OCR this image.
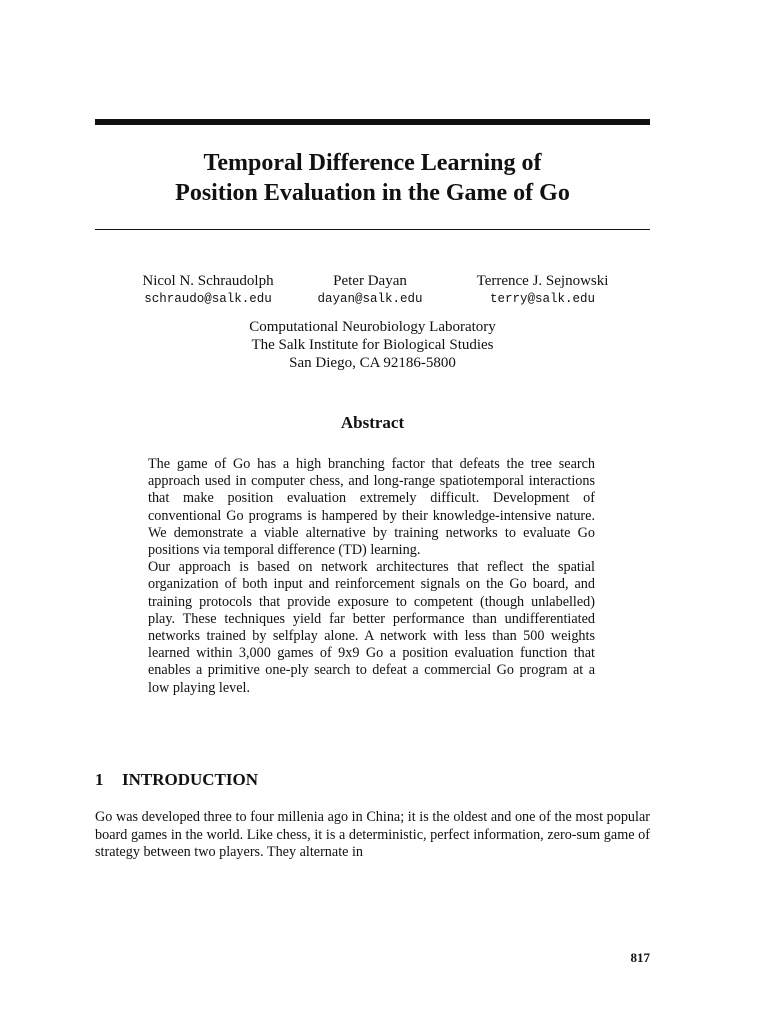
Temporal Difference Learning of
Position Evaluation in the Game of Go
Nicol N. Schraudolph
schraudo@salk.edu
Peter Dayan
dayan@salk.edu
Terrence J. Sejnowski
terry@salk.edu
Computational Neurobiology Laboratory
The Salk Institute for Biological Studies
San Diego, CA 92186-5800
Abstract

The game of Go has a high branching factor that defeats the tree search approach used in computer chess, and long-range spatiotemporal interactions that make position evaluation extremely difficult. Development of conventional Go programs is hampered by their knowledge-intensive nature. We demonstrate a viable alternative by training networks to evaluate Go positions via temporal difference (TD) learning.

Our approach is based on network architectures that reflect the spatial organization of both input and reinforcement signals on the Go board, and training protocols that provide exposure to competent (though unlabelled) play. These techniques yield far better performance than undifferentiated networks trained by selfplay alone. A network with less than 500 weights learned within 3,000 games of 9x9 Go a position evaluation function that enables a primitive one-ply search to defeat a commercial Go program at a low playing level.

1 INTRODUCTION

Go was developed three to four millenia ago in China; it is the oldest and one of the most popular board games in the world. Like chess, it is a deterministic, perfect information, zero-sum game of strategy between two players. They alternate in

817
